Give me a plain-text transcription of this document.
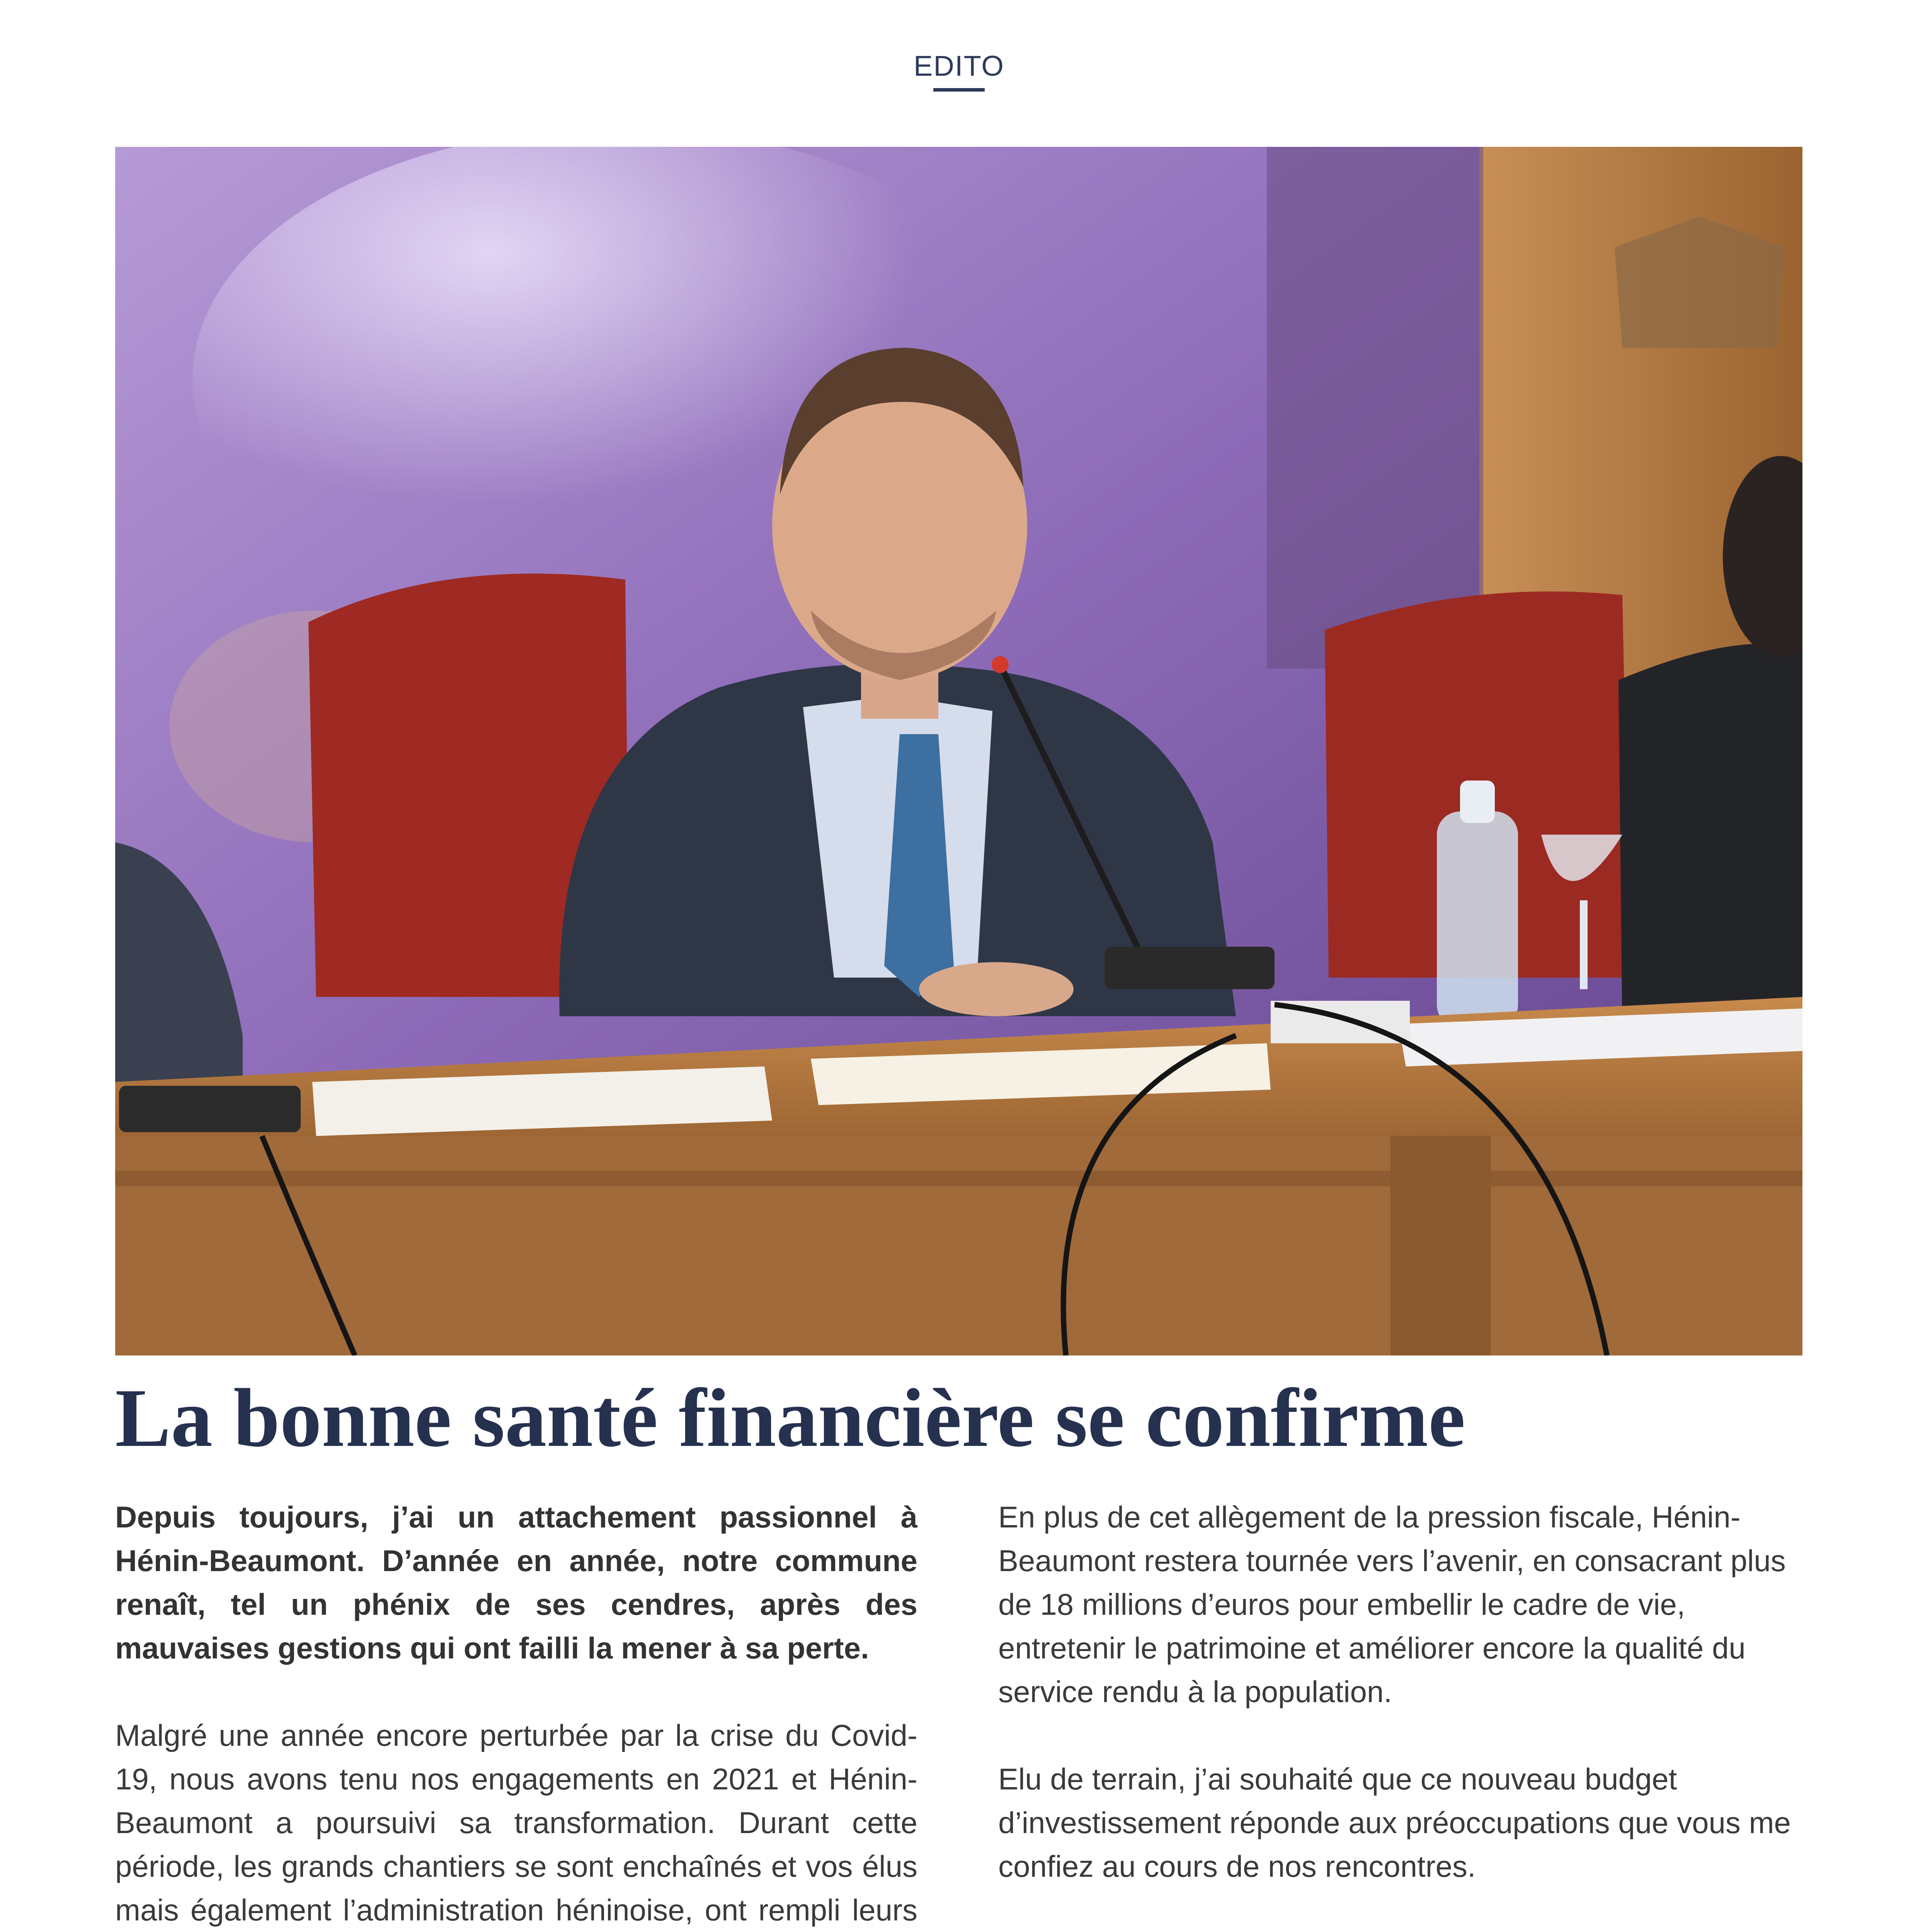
EDITO
La bonne santé financière se confirme

Depuis toujours, j’ai un attachement passionnel à Hénin-Beaumont. D’année en année, notre commune renaît, tel un phénix de ses cendres, après des mauvaises gestions qui ont failli la mener à sa perte.

Malgré une année encore perturbée par la crise du Covid-19, nous avons tenu nos engagements en 2021 et Hénin-Beaumont a poursuivi sa transformation. Durant cette période, les grands chantiers se sont enchaînés et vos élus mais également l’administration héninoise, ont rempli leurs

En plus de cet allègement de la pression fiscale, Hénin-Beaumont restera tournée vers l’avenir, en consacrant plus de 18 millions d’euros pour embellir le cadre de vie, entretenir le patrimoine et améliorer encore la qualité du service rendu à la population.

Elu de terrain, j’ai souhaité que ce nouveau budget d’investissement réponde aux préoccupations que vous me confiez au cours de nos rencontres.
